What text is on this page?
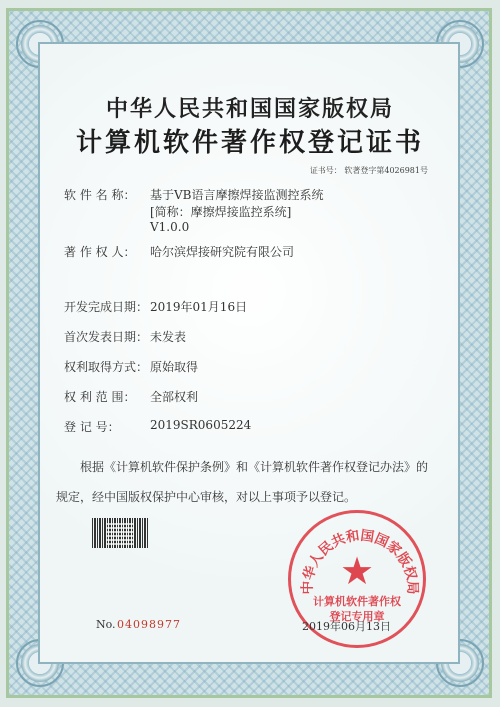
中华人民共和国国家版权局
计算机软件著作权登记证书
证书号： 软著登字第4026981号
软 件 名 称： 基于VB语言摩擦焊接监测控系统
[简称：摩擦焊接监控系统]
V1.0.0
著 作 权 人： 哈尔滨焊接研究院有限公司
开发完成日期： 2019年01月16日
首次发表日期： 未发表
权利取得方式： 原始取得
权 利 范 围： 全部权利
登 记 号：	2019SR0605224
根据《计算机软件保护条例》和《计算机软件著作权登记办法》的
规定，经中国版权保护中心审核，对以上事项予以登记。
中华人民共和国国家版权局
★
计算机软件著作权
登记专用章
No. 04098977	2019年06月13日
